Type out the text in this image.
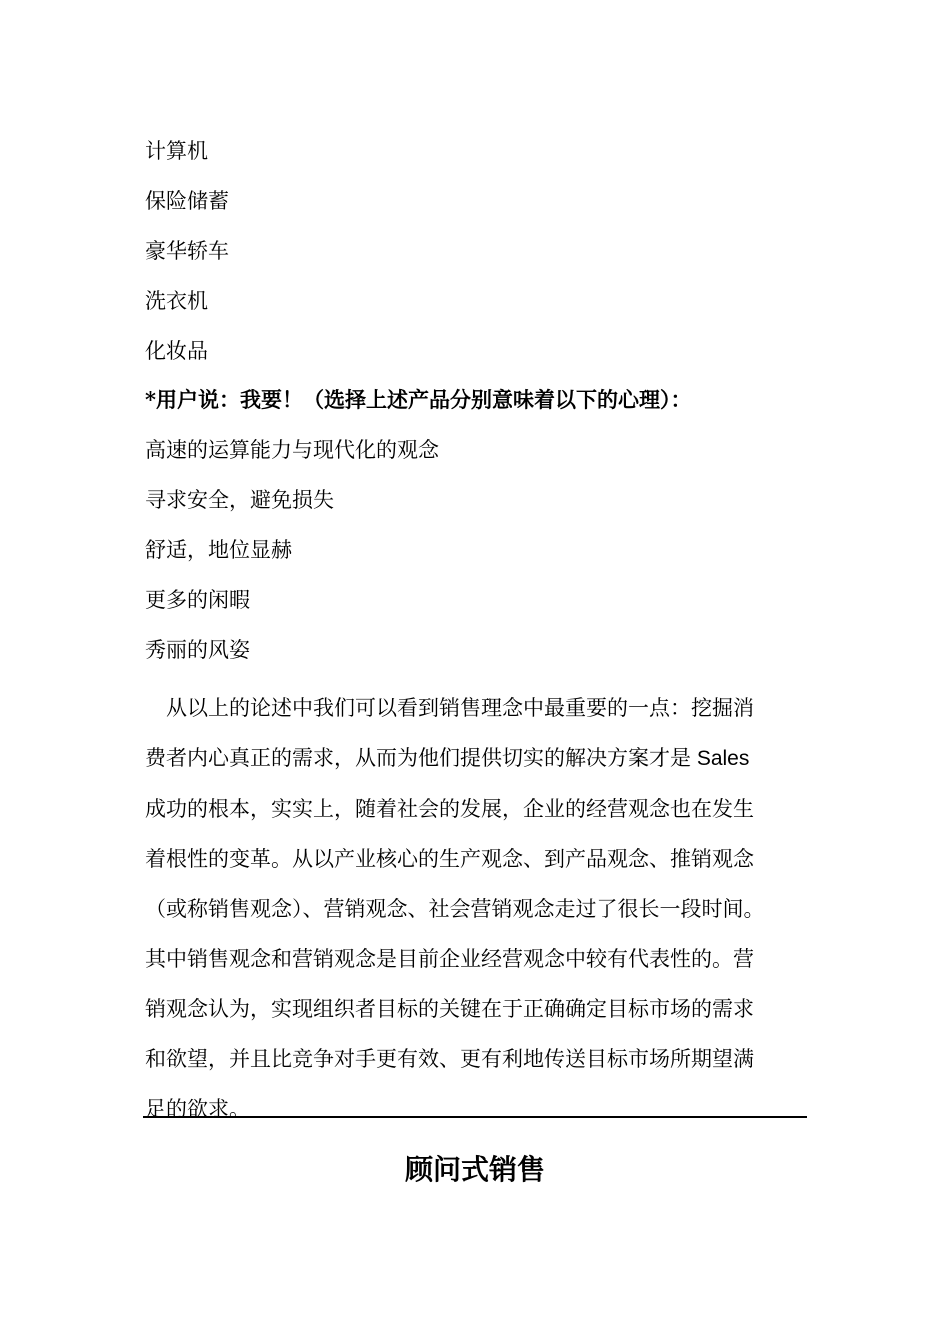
计算机
保险储蓄
豪华轿车
洗衣机
化妆品
*用户说：我要！（选择上述产品分别意味着以下的心理）：
高速的运算能力与现代化的观念
寻求安全，避免损失
舒适，地位显赫
更多的闲暇
秀丽的风姿
从以上的论述中我们可以看到销售理念中最重要的一点：挖掘消
费者内心真正的需求，从而为他们提供切实的解决方案才是 Sales
成功的根本，实实上，随着社会的发展，企业的经营观念也在发生
着根性的变革。从以产业核心的生产观念、到产品观念、推销观念
（或称销售观念）、营销观念、社会营销观念走过了很长一段时间。
其中销售观念和营销观念是目前企业经营观念中较有代表性的。营
销观念认为，实现组织者目标的关键在于正确确定目标市场的需求
和欲望，并且比竞争对手更有效、更有利地传送目标市场所期望满
足的欲求。
顾问式销售
